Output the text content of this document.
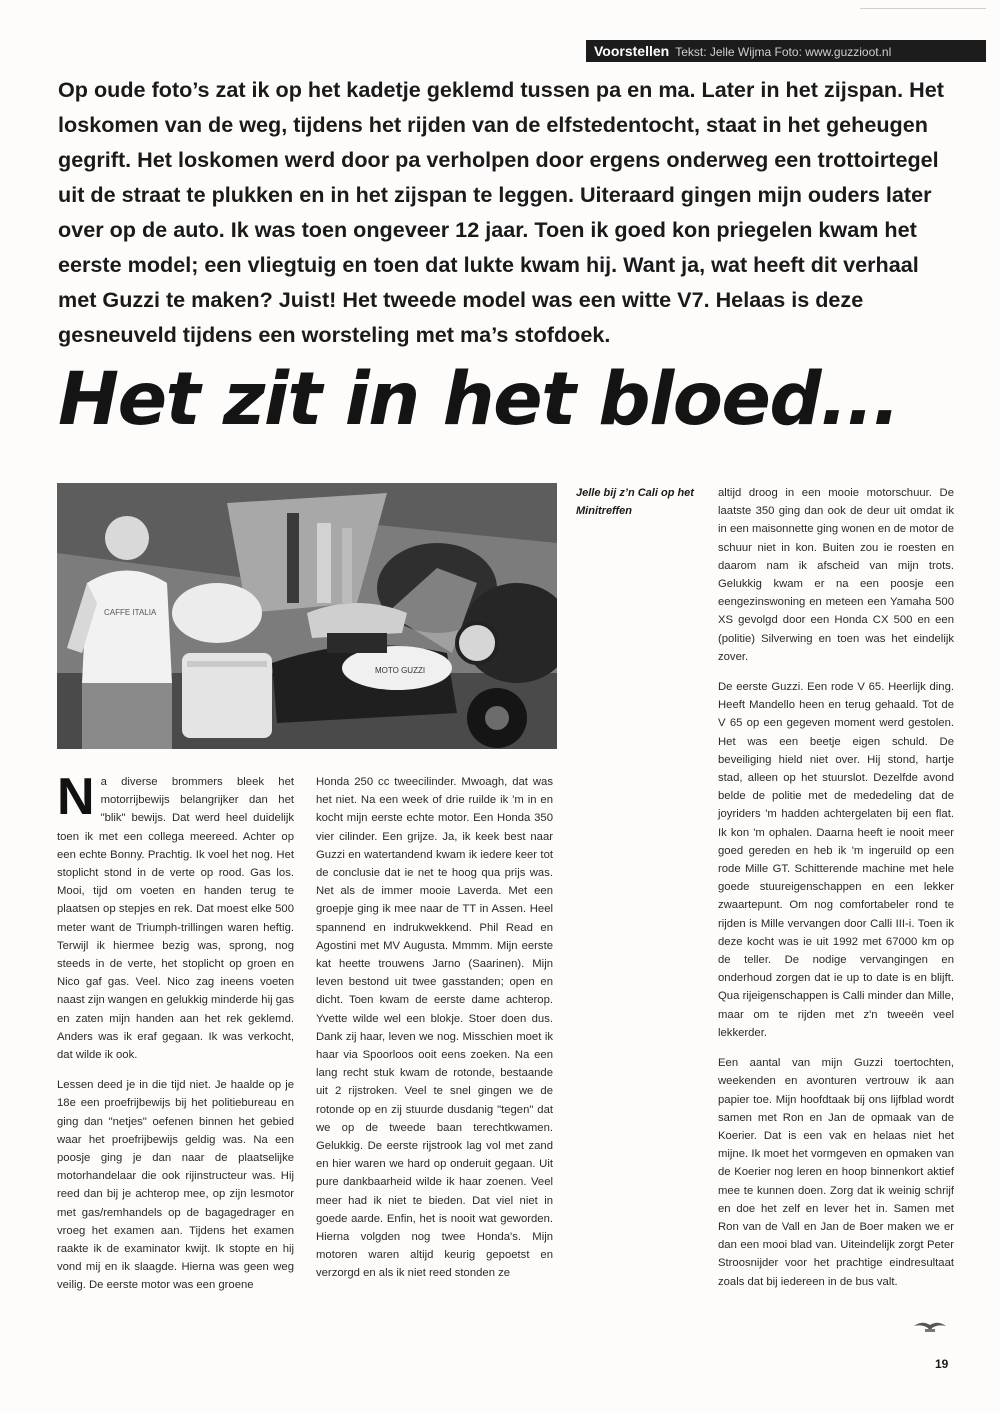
Voorstellen Tekst: Jelle Wijma Foto: www.guzzioot.nl

Op oude foto’s zat ik op het kadetje geklemd tussen pa en ma. Later in het zijspan. Het loskomen van de weg, tijdens het rijden van de elfstedentocht, staat in het geheugen gegrift. Het loskomen werd door pa verholpen door ergens onderweg een trottoirtegel uit de straat te plukken en in het zijspan te leggen. Uiteraard gingen mijn ouders later over op de auto. Ik was toen ongeveer 12 jaar. Toen ik goed kon priegelen kwam het eerste model; een vliegtuig en toen dat lukte kwam hij. Want ja, wat heeft dit verhaal met Guzzi te maken? Juist! Het tweede model was een witte V7. Helaas is deze gesneuveld tijdens een worsteling met ma’s stofdoek.

Het zit in het bloed...
CAFFE ITALIA
MOTO GUZZI

Jelle bij z’n Cali op het Minitreffen

Na diverse brommers bleek het motorrijbewijs belangrijker dan het "blik" bewijs. Dat werd heel duidelijk toen ik met een collega meereed. Achter op een echte Bonny. Prachtig. Ik voel het nog. Het stoplicht stond in de verte op rood. Gas los. Mooi, tijd om voeten en handen terug te plaatsen op stepjes en rek. Dat moest elke 500 meter want de Triumph-trillingen waren heftig. Terwijl ik hiermee bezig was, sprong, nog steeds in de verte, het stoplicht op groen en Nico gaf gas. Veel. Nico zag ineens voeten naast zijn wangen en gelukkig minderde hij gas en zaten mijn handen aan het rek geklemd. Anders was ik eraf gegaan. Ik was verkocht, dat wilde ik ook.

Lessen deed je in die tijd niet. Je haalde op je 18e een proefrijbewijs bij het politiebureau en ging dan "netjes" oefenen binnen het gebied waar het proefrijbewijs geldig was. Na een poosje ging je dan naar de plaatselijke motorhandelaar die ook rijinstructeur was. Hij reed dan bij je achterop mee, op zijn lesmotor met gas/remhandels op de bagagedrager en vroeg het examen aan. Tijdens het examen raakte ik de examinator kwijt. Ik stopte en hij vond mij en ik slaagde. Hierna was geen weg veilig. De eerste motor was een groene

Honda 250 cc tweecilinder. Mwoagh, dat was het niet. Na een week of drie ruilde ik 'm in en kocht mijn eerste echte motor. Een Honda 350 vier cilinder. Een grijze. Ja, ik keek best naar Guzzi en watertandend kwam ik iedere keer tot de conclusie dat ie net te hoog qua prijs was. Net als de immer mooie Laverda. Met een groepje ging ik mee naar de TT in Assen. Heel spannend en indrukwekkend. Phil Read en Agostini met MV Augusta. Mmmm. Mijn eerste kat heette trouwens Jarno (Saarinen). Mijn leven bestond uit twee gasstanden; open en dicht. Toen kwam de eerste dame achterop. Yvette wilde wel een blokje. Stoer doen dus. Dank zij haar, leven we nog. Misschien moet ik haar via Spoorloos ooit eens zoeken. Na een lang recht stuk kwam de rotonde, bestaande uit 2 rijstroken. Veel te snel gingen we de rotonde op en zij stuurde dusdanig "tegen" dat we op de tweede baan terechtkwamen. Gelukkig. De eerste rijstrook lag vol met zand en hier waren we hard op onderuit gegaan. Uit pure dankbaarheid wilde ik haar zoenen. Veel meer had ik niet te bieden. Dat viel niet in goede aarde. Enfin, het is nooit wat geworden. Hierna volgden nog twee Honda's. Mijn motoren waren altijd keurig gepoetst en verzorgd en als ik niet reed stonden ze

altijd droog in een mooie motorschuur. De laatste 350 ging dan ook de deur uit omdat ik in een maisonnette ging wonen en de motor de schuur niet in kon. Buiten zou ie roesten en daarom nam ik afscheid van mijn trots. Gelukkig kwam er na een poosje een eengezinswoning en meteen een Yamaha 500 XS gevolgd door een Honda CX 500 en een (politie) Silverwing en toen was het eindelijk zover.

De eerste Guzzi. Een rode V 65. Heerlijk ding. Heeft Mandello heen en terug gehaald. Tot de V 65 op een gegeven moment werd gestolen. Het was een beetje eigen schuld. De beveiliging hield niet over. Hij stond, hartje stad, alleen op het stuurslot. Dezelfde avond belde de politie met de mededeling dat de joyriders 'm hadden achtergelaten bij een flat. Ik kon 'm ophalen. Daarna heeft ie nooit meer goed gereden en heb ik 'm ingeruild op een rode Mille GT. Schitterende machine met hele goede stuureigenschappen en een lekker zwaartepunt. Om nog comfortabeler rond te rijden is Mille vervangen door Calli III-i. Toen ik deze kocht was ie uit 1992 met 67000 km op de teller. De nodige vervangingen en onderhoud zorgen dat ie up to date is en blijft. Qua rijeigenschappen is Calli minder dan Mille, maar om te rijden met z'n tweeën veel lekkerder.

Een aantal van mijn Guzzi toertochten, weekenden en avonturen vertrouw ik aan papier toe. Mijn hoofdtaak bij ons lijfblad wordt samen met Ron en Jan de opmaak van de Koerier. Dat is een vak en helaas niet het mijne. Ik moet het vormgeven en opmaken van de Koerier nog leren en hoop binnenkort aktief mee te kunnen doen. Zorg dat ik weinig schrijf en doe het zelf en lever het in. Samen met Ron van de Vall en Jan de Boer maken we er dan een mooi blad van. Uiteindelijk zorgt Peter Stroosnijder voor het prachtige eindresultaat zoals dat bij iedereen in de bus valt.

19
